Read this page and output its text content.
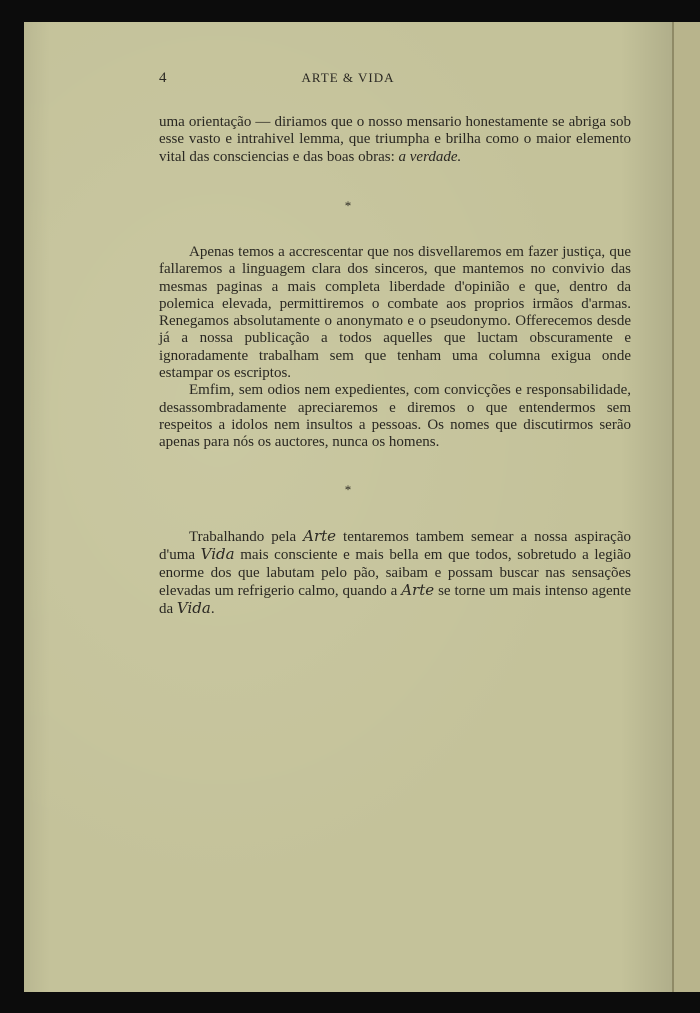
4	ARTE & VIDA

uma orientação — diriamos que o nosso mensario honestamente se abriga sob esse vasto e intrahivel lemma, que triumpha e brilha como o maior elemento vital das consciencias e das boas obras: a verdade.

*

Apenas temos a accrescentar que nos disvellaremos em fazer justiça, que fallaremos a linguagem clara dos sinceros, que mantemos no convivio das mesmas paginas a mais completa liberdade d'opinião e que, dentro da polemica elevada, permittiremos o combate aos proprios irmãos d'armas. Renegamos absolutamente o anonymato e o pseudonymo. Offerecemos desde já a nossa publicação a todos aquelles que luctam obscuramente e ignoradamente trabalham sem que tenham uma columna exigua onde estampar os escriptos.

Emfim, sem odios nem expedientes, com convicções e responsabilidade, desassombradamente apreciaremos e diremos o que entendermos sem respeitos a idolos nem insultos a pessoas. Os nomes que discutirmos serão apenas para nós os auctores, nunca os homens.

*

Trabalhando pela Arte tentaremos tambem semear a nossa aspiração d'uma Vida mais consciente e mais bella em que todos, sobretudo a legião enorme dos que labutam pelo pão, saibam e possam buscar nas sensações elevadas um refrigerio calmo, quando a Arte se torne um mais intenso agente da Vida.
